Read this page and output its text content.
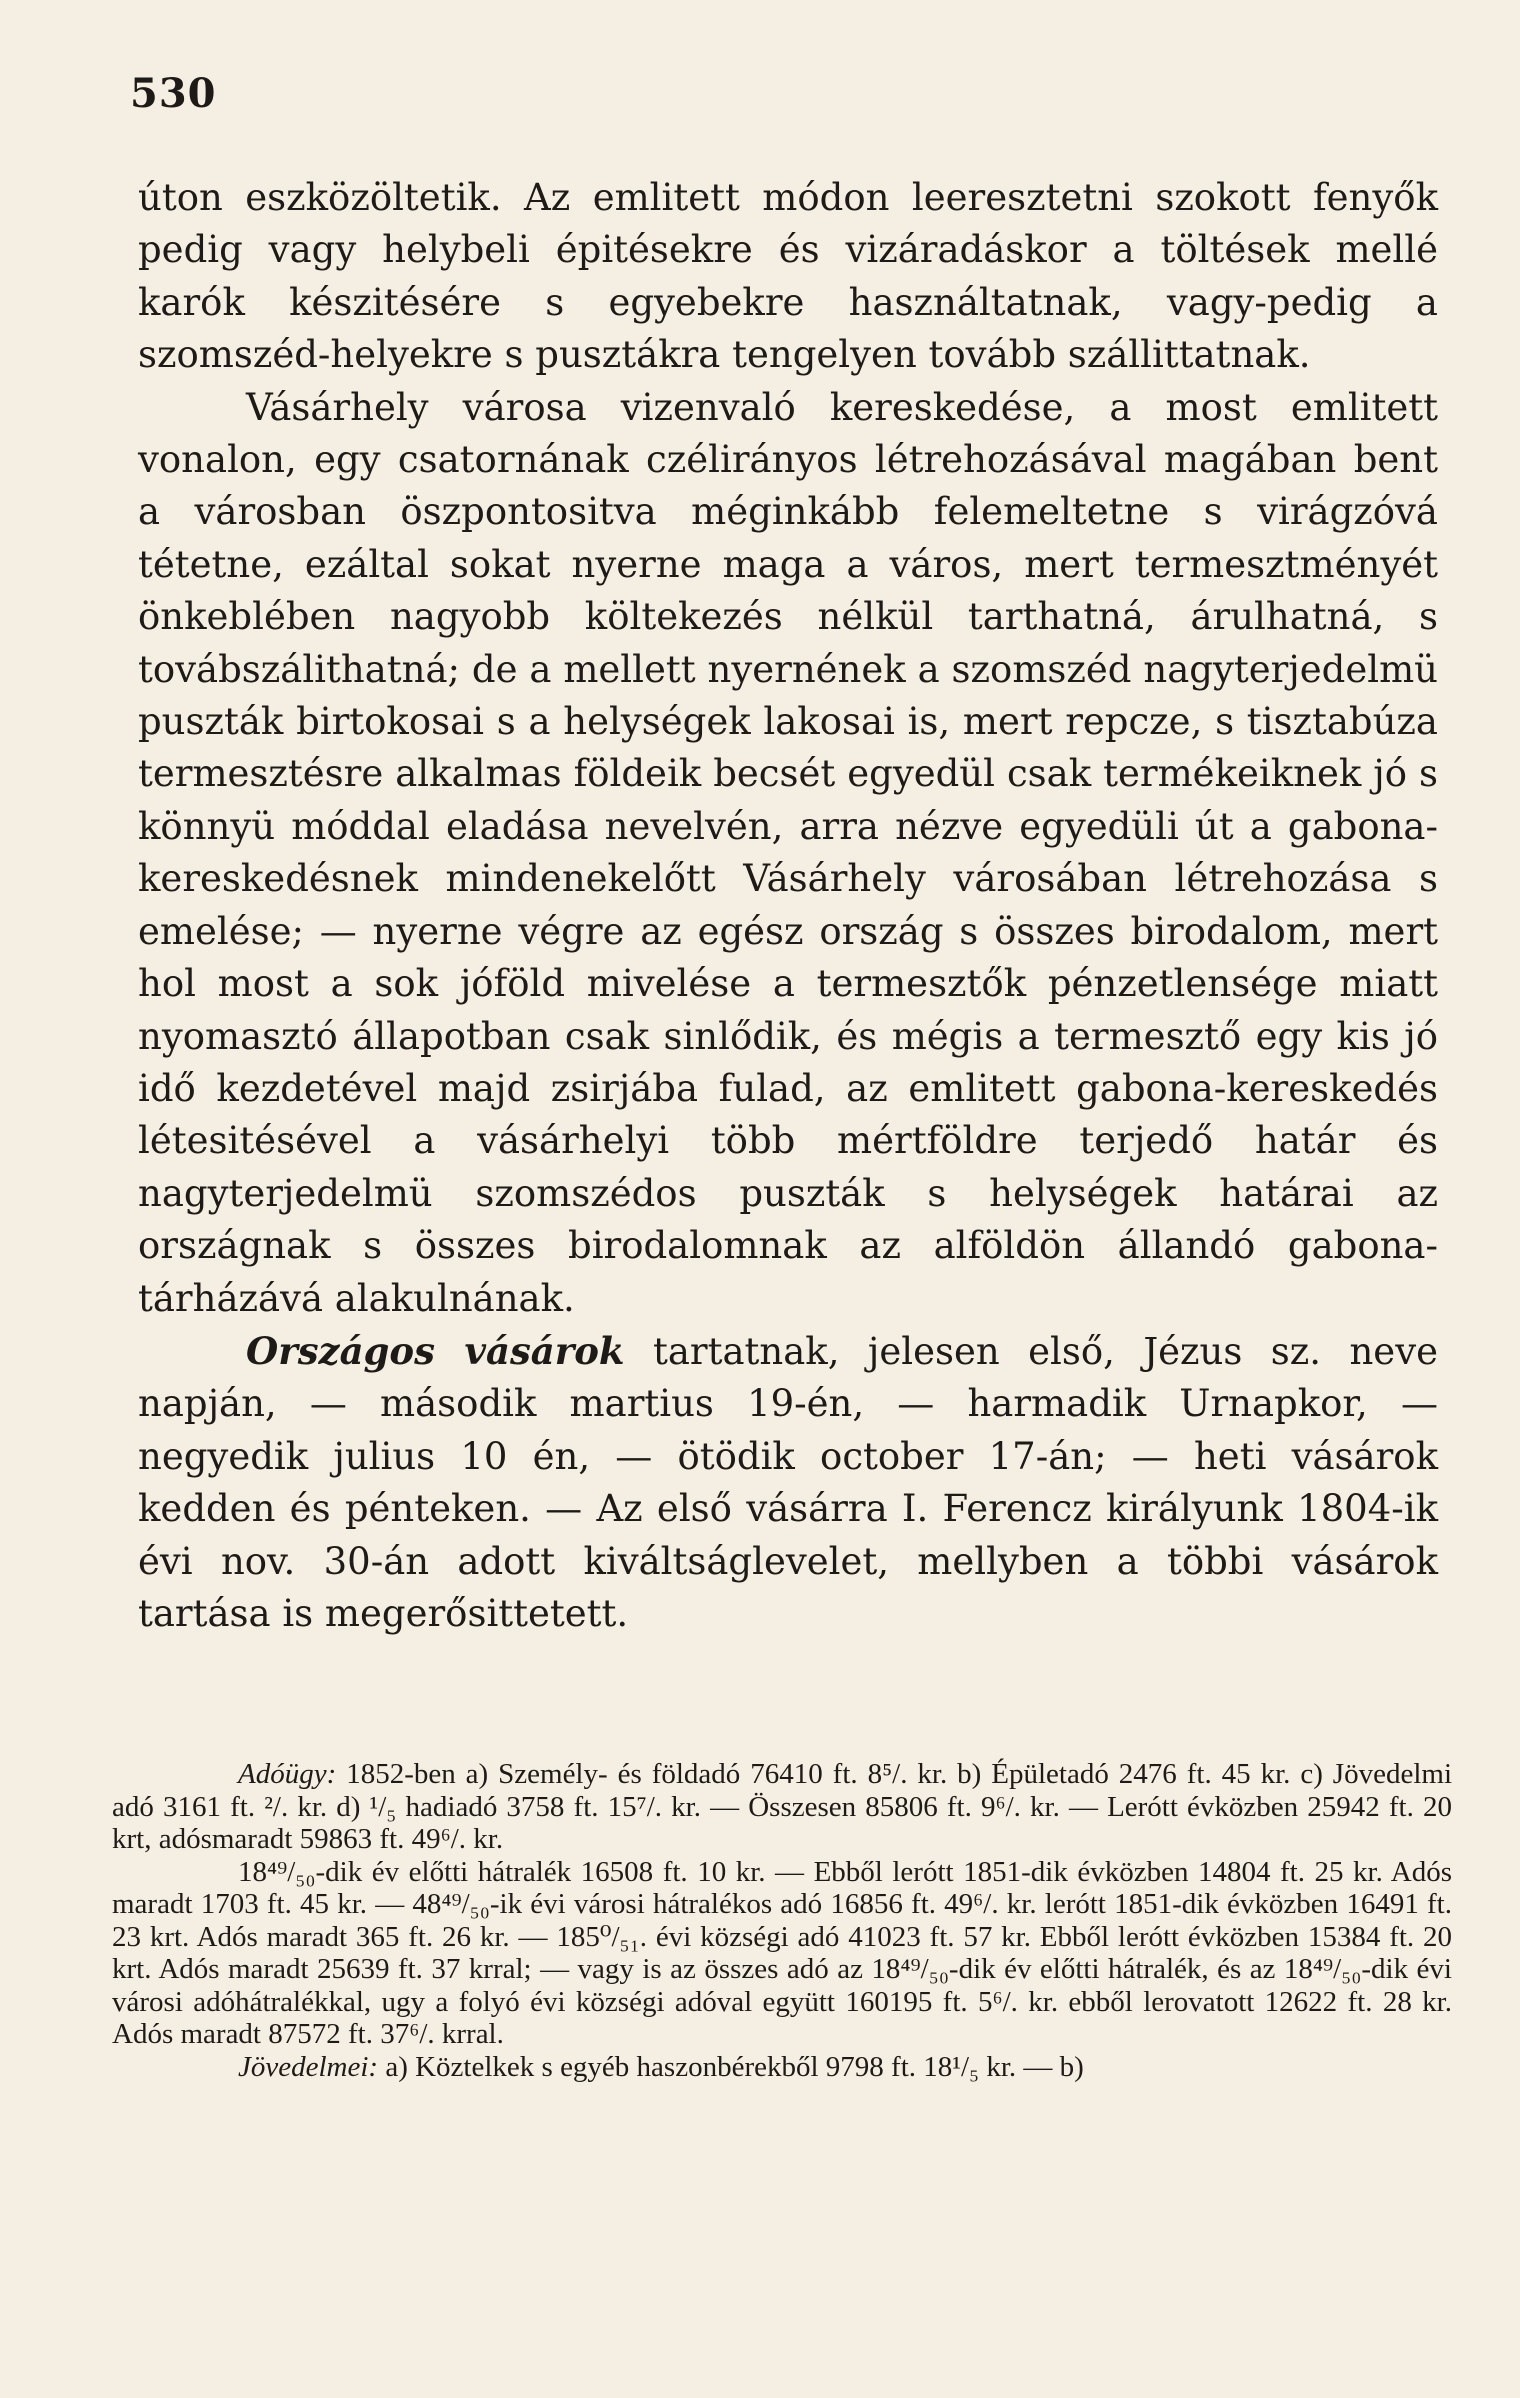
530

úton eszközöltetik. Az emlitett módon leeresztetni szokott fenyők pedig vagy helybeli épitésekre és vizáradáskor a töltések mellé karók készitésére s egyebekre használtatnak, vagy-pedig a szomszéd-helyekre s pusztákra tengelyen tovább szállittatnak.

Vásárhely városa vizenvaló kereskedése, a most emlitett vonalon, egy csatornának czélirányos létrehozásával magában bent a városban öszpontositva méginkább felemeltetne s virágzóvá tétetne, ezáltal sokat nyerne maga a város, mert termesztményét önkeblében nagyobb költekezés nélkül tarthatná, árulhatná, s továbszálithatná; de a mellett nyernének a szomszéd nagyterjedelmü puszták birtokosai s a helységek lakosai is, mert repcze, s tisztabúza termesztésre alkalmas földeik becsét egyedül csak termékeiknek jó s könnyü móddal eladása nevelvén, arra nézve egyedüli út a gabona-kereskedésnek mindenekelőtt Vásárhely városában létrehozása s emelése; — nyerne végre az egész ország s összes birodalom, mert hol most a sok jóföld mivelése a termesztők pénzetlensége miatt nyomasztó állapotban csak sinlődik, és mégis a termesztő egy kis jó idő kezdetével majd zsirjába fulad, az emlitett gabona-kereskedés létesitésével a vásárhelyi több mértföldre terjedő határ és nagyterjedelmü szomszédos puszták s helységek határai az országnak s összes birodalomnak az alföldön állandó gabona-tárházává alakulnának.

Országos vásárok tartatnak, jelesen első, Jézus sz. neve napján, — második martius 19-én, — harmadik Urnapkor, — negyedik julius 10 én, — ötödik october 17-án; — heti vásárok kedden és pénteken. — Az első vásárra I. Ferencz királyunk 1804-ik évi nov. 30-án adott kiváltságlevelet, mellyben a többi vásárok tartása is megerősittetett.

Adóügy: 1852-ben a) Személy- és földadó 76410 ft. 8⁵/. kr. b) Épületadó 2476 ft. 45 kr. c) Jövedelmi adó 3161 ft. ²/. kr. d) ¹/₅ hadiadó 3758 ft. 15⁷/. kr. — Összesen 85806 ft. 9⁶/. kr. — Lerótt évközben 25942 ft. 20 krt, adósmaradt 59863 ft. 49⁶/. kr.

18⁴⁹/₅₀-dik év előtti hátralék 16508 ft. 10 kr. — Ebből lerótt 1851-dik évközben 14804 ft. 25 kr. Adós maradt 1703 ft. 45 kr. — 48⁴⁹/₅₀-ik évi városi hátralékos adó 16856 ft. 49⁶/. kr. lerótt 1851-dik évközben 16491 ft. 23 krt. Adós maradt 365 ft. 26 kr. — 185⁰/₅₁. évi községi adó 41023 ft. 57 kr. Ebből lerótt évközben 15384 ft. 20 krt. Adós maradt 25639 ft. 37 krral; — vagy is az összes adó az 18⁴⁹/₅₀-dik év előtti hátralék, és az 18⁴⁹/₅₀-dik évi városi adóhátralékkal, ugy a folyó évi községi adóval együtt 160195 ft. 5⁶/. kr. ebből lerovatott 12622 ft. 28 kr. Adós maradt 87572 ft. 37⁶/. krral.

Jövedelmei: a) Köztelkek s egyéb haszonbérekből 9798 ft. 18¹/₅ kr. — b)
